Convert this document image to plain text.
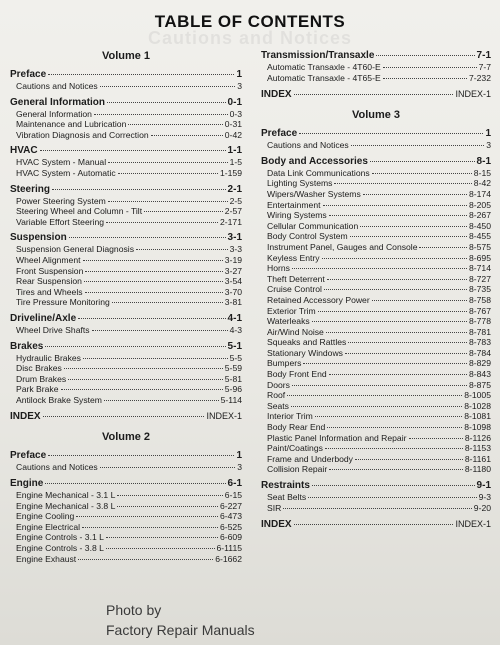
Cautions and Notices
TABLE OF CONTENTS
Volume 1
Preface	1
Cautions and Notices	3
General Information	0-1
General Information	0-3
Maintenance and Lubrication	0-31
Vibration Diagnosis and Correction	0-42
HVAC	1-1
HVAC System - Manual	1-5
HVAC System - Automatic	1-159
Steering	2-1
Power Steering System	2-5
Steering Wheel and Column - Tilt	2-57
Variable Effort Steering	2-171
Suspension	3-1
Suspension General Diagnosis	3-3
Wheel Alignment	3-19
Front Suspension	3-27
Rear Suspension	3-54
Tires and Wheels	3-70
Tire Pressure Monitoring	3-81
Driveline/Axle	4-1
Wheel Drive Shafts	4-3
Brakes	5-1
Hydraulic Brakes	5-5
Disc Brakes	5-59
Drum Brakes	5-81
Park Brake	5-96
Antilock Brake System	5-114
INDEX	INDEX-1
Volume 2
Preface	1
Cautions and Notices	3
Engine	6-1
Engine Mechanical - 3.1 L	6-15
Engine Mechanical - 3.8 L	6-227
Engine Cooling	6-473
Engine Electrical	6-525
Engine Controls - 3.1 L	6-609
Engine Controls - 3.8 L	6-1115
Engine Exhaust	6-1662
Transmission/Transaxle	7-1
Automatic Transaxle - 4T60-E	7-7
Automatic Transaxle - 4T65-E	7-232
INDEX	INDEX-1
Volume 3
Preface	1
Cautions and Notices	3
Body and Accessories	8-1
Data Link Communications	8-15
Lighting Systems	8-42
Wipers/Washer Systems	8-174
Entertainment	8-205
Wiring Systems	8-267
Cellular Communication	8-450
Body Control System	8-455
Instrument Panel, Gauges and Console	8-575
Keyless Entry	8-695
Horns	8-714
Theft Deterrent	8-727
Cruise Control	8-735
Retained Accessory Power	8-758
Exterior Trim	8-767
Waterleaks	8-778
Air/Wind Noise	8-781
Squeaks and Rattles	8-783
Stationary Windows	8-784
Bumpers	8-829
Body Front End	8-843
Doors	8-875
Roof	8-1005
Seats	8-1028
Interior Trim	8-1081
Body Rear End	8-1098
Plastic Panel Information and Repair	8-1126
Paint/Coatings	8-1153
Frame and Underbody	8-1161
Collision Repair	8-1180
Restraints	9-1
Seat Belts	9-3
SIR	9-20
INDEX	INDEX-1
Photo by
Factory Repair Manuals
